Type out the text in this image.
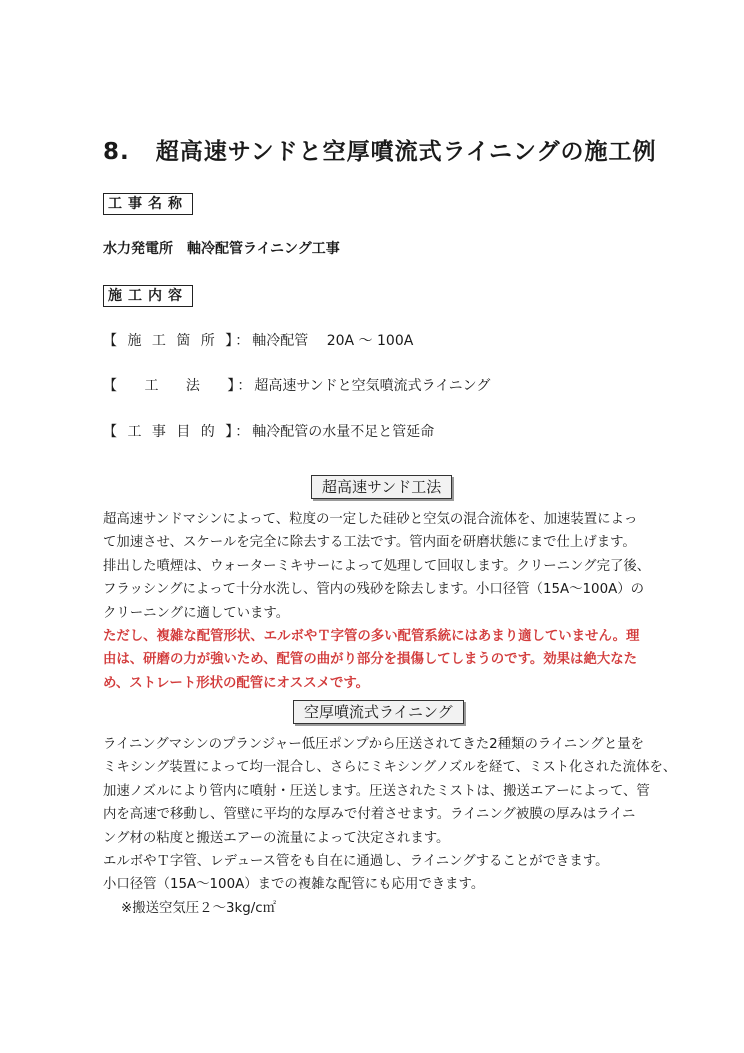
8. 超高速サンドと空厚噴流式ライニングの施工例
工事名称
水力発電所　軸冷配管ライニング工事
施工内容
【 施 工 箇 所 】：軸冷配管　 20A ～ 100A
【　 工　 法　 】：超高速サンドと空気噴流式ライニング
【 工 事 目 的 】：軸冷配管の水量不足と管延命
超高速サンド工法
超高速サンドマシンによって、粒度の一定した硅砂と空気の混合流体を、加速装置によっ
て加速させ、スケールを完全に除去する工法です。管内面を研磨状態にまで仕上げます。
排出した噴煙は、ウォーターミキサーによって処理して回収します。クリーニング完了後、
フラッシングによって十分水洗し、管内の残砂を除去します。小口径管（15A～100A）の
クリーニングに適しています。
ただし、複雑な配管形状、エルボやＴ字管の多い配管系統にはあまり適していません。理
由は、研磨の力が強いため、配管の曲がり部分を損傷してしまうのです。効果は絶大なた
め、ストレート形状の配管にオススメです。
空厚噴流式ライニング
ライニングマシンのプランジャー低圧ポンプから圧送されてきた2種類のライニングと量を
ミキシング装置によって均一混合し、さらにミキシングノズルを経て、ミスト化された流体を、
加速ノズルにより管内に噴射・圧送します。圧送されたミストは、搬送エアーによって、管
内を高速で移動し、管壁に平均的な厚みで付着させます。ライニング被膜の厚みはライニ
ング材の粘度と搬送エアーの流量によって決定されます。
エルボやＴ字管、レデュース管をも自在に通過し、ライニングすることができます。
小口径管（15A～100A）までの複雑な配管にも応用できます。
※搬送空気圧２～3kg/c㎡
